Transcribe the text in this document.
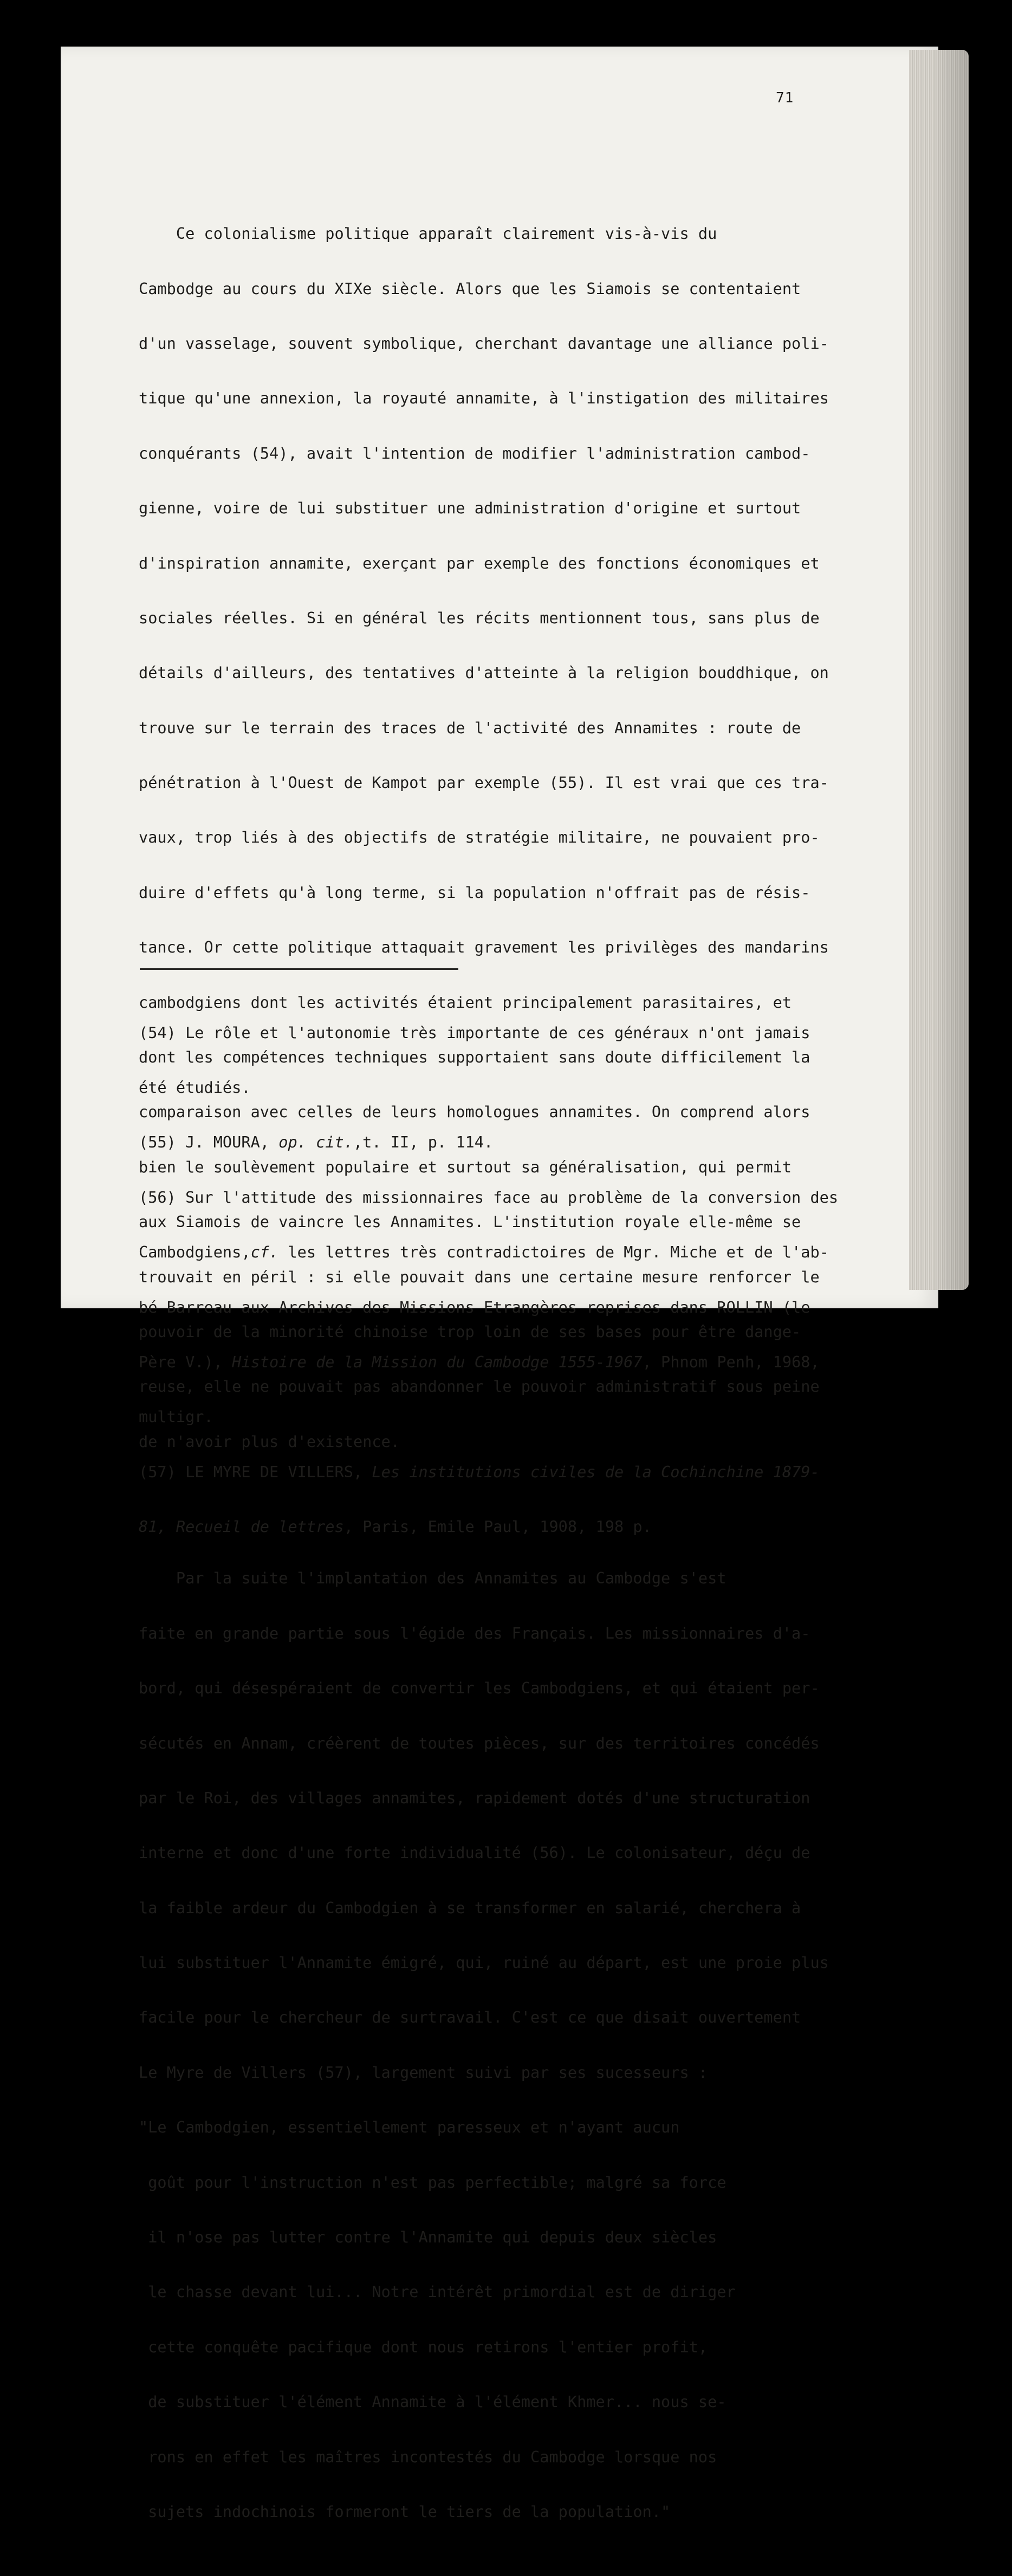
71

Ce colonialisme politique apparaît clairement vis-à-vis du

Cambodge au cours du XIXe siècle. Alors que les Siamois se contentaient

d'un vasselage, souvent symbolique, cherchant davantage une alliance poli-

tique qu'une annexion, la royauté annamite, à l'instigation des militaires

conquérants (54), avait l'intention de modifier l'administration cambod-

gienne, voire de lui substituer une administration d'origine et surtout

d'inspiration annamite, exerçant par exemple des fonctions économiques et

sociales réelles. Si en général les récits mentionnent tous, sans plus de

détails d'ailleurs, des tentatives d'atteinte à la religion bouddhique, on

trouve sur le terrain des traces de l'activité des Annamites : route de

pénétration à l'Ouest de Kampot par exemple (55). Il est vrai que ces tra-

vaux, trop liés à des objectifs de stratégie militaire, ne pouvaient pro-

duire d'effets qu'à long terme, si la population n'offrait pas de résis-

tance. Or cette politique attaquait gravement les privilèges des mandarins

cambodgiens dont les activités étaient principalement parasitaires, et

dont les compétences techniques supportaient sans doute difficilement la

comparaison avec celles de leurs homologues annamites. On comprend alors

bien le soulèvement populaire et surtout sa généralisation, qui permit

aux Siamois de vaincre les Annamites. L'institution royale elle-même se

trouvait en péril : si elle pouvait dans une certaine mesure renforcer le

pouvoir de la minorité chinoise trop loin de ses bases pour être dange-

reuse, elle ne pouvait pas abandonner le pouvoir administratif sous peine

de n'avoir plus d'existence.

Par la suite l'implantation des Annamites au Cambodge s'est

faite en grande partie sous l'égide des Français. Les missionnaires d'a-

bord, qui désespéraient de convertir les Cambodgiens, et qui étaient per-

sécutés en Annam, créèrent de toutes pièces, sur des territoires concédés

par le Roi, des villages annamites, rapidement dotés d'une structuration

interne et donc d'une forte individualité (56). Le colonisateur, déçu de

la faible ardeur du Cambodgien à se transformer en salarié, cherchera à

lui substituer l'Annamite émigré, qui, ruiné au départ, est une proie plus

facile pour le chercheur de surtravail. C'est ce que disait ouvertement

Le Myre de Villers (57), largement suivi par ses sucesseurs :

"Le Cambodgien, essentiellement paresseux et n'ayant aucun

goût pour l'instruction n'est pas perfectible; malgré sa force

il n'ose pas lutter contre l'Annamite qui depuis deux siècles

le chasse devant lui... Notre intérêt primordial est de diriger

cette conquête pacifique dont nous retirons l'entier profit,

de substituer l'élément Annamite à l'élément Khmer... nous se-

rons en effet les maîtres incontestés du Cambodge lorsque nos

sujets indochinois formeront le tiers de la population."

(54) Le rôle et l'autonomie très importante de ces généraux n'ont jamais

été étudiés.

(55) J. MOURA, op. cit.,t. II, p. 114.

(56) Sur l'attitude des missionnaires face au problème de la conversion des

Cambodgiens,cf. les lettres très contradictoires de Mgr. Miche et de l'ab-

bé Barreau aux Archives des Missions Etrangères reprises dans ROLLIN (le

Père V.), Histoire de la Mission du Cambodge 1555-1967, Phnom Penh, 1968,

multigr.

(57) LE MYRE DE VILLERS, Les institutions civiles de la Cochinchine 1879-

81, Recueil de lettres, Paris, Emile Paul, 1908, 198 p.
